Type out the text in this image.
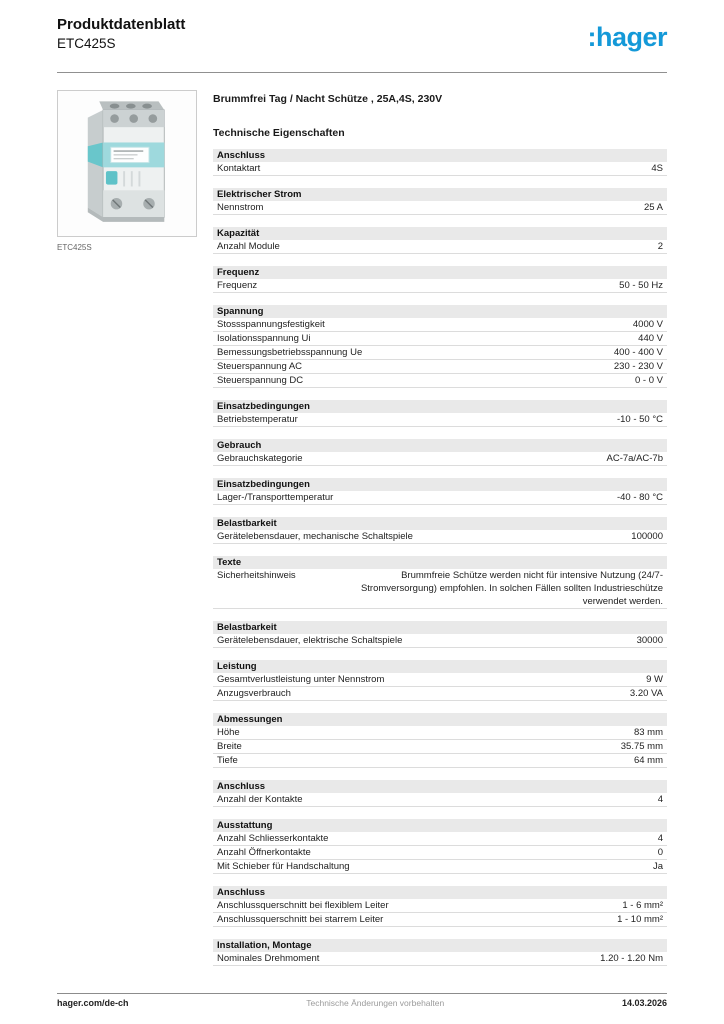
Produktdatenblatt
ETC425S	:hager
ETC425S
Brummfrei Tag / Nacht Schütze , 25A,4S, 230V
Technische Eigenschaften
Anschluss
Kontaktart	4S
Elektrischer Strom
Nennstrom	25 A
Kapazität
Anzahl Module	2
Frequenz
Frequenz	50 - 50 Hz
Spannung
Stossspannungsfestigkeit	4000 V
Isolationsspannung Ui	440 V
Bemessungsbetriebsspannung Ue	400 - 400 V
Steuerspannung AC	230 - 230 V
Steuerspannung DC	0 - 0 V
Einsatzbedingungen
Betriebstemperatur	-10 - 50 °C
Gebrauch
Gebrauchskategorie	AC-7a/AC-7b
Einsatzbedingungen
Lager-/Transporttemperatur	-40 - 80 °C
Belastbarkeit
Gerätelebensdauer, mechanische Schaltspiele	100000
Texte
Sicherheitshinweis	Brummfreie Schütze werden nicht für intensive Nutzung (24/7-Stromversorgung) empfohlen. In solchen Fällen sollten Industrieschütze verwendet werden.
Belastbarkeit
Gerätelebensdauer, elektrische Schaltspiele	30000
Leistung
Gesamtverlustleistung unter Nennstrom	9 W
Anzugsverbrauch	3.20 VA
Abmessungen
Höhe	83 mm
Breite	35.75 mm
Tiefe	64 mm
Anschluss
Anzahl der Kontakte	4
Ausstattung
Anzahl Schliesserkontakte	4
Anzahl Öffnerkontakte	0
Mit Schieber für Handschaltung	Ja
Anschluss
Anschlussquerschnitt bei flexiblem Leiter	1 - 6 mm²
Anschlussquerschnitt bei starrem Leiter	1 - 10 mm²
Installation, Montage
Nominales Drehmoment	1.20 - 1.20 Nm
hager.com/de-ch	Technische Änderungen vorbehalten	14.03.2026
